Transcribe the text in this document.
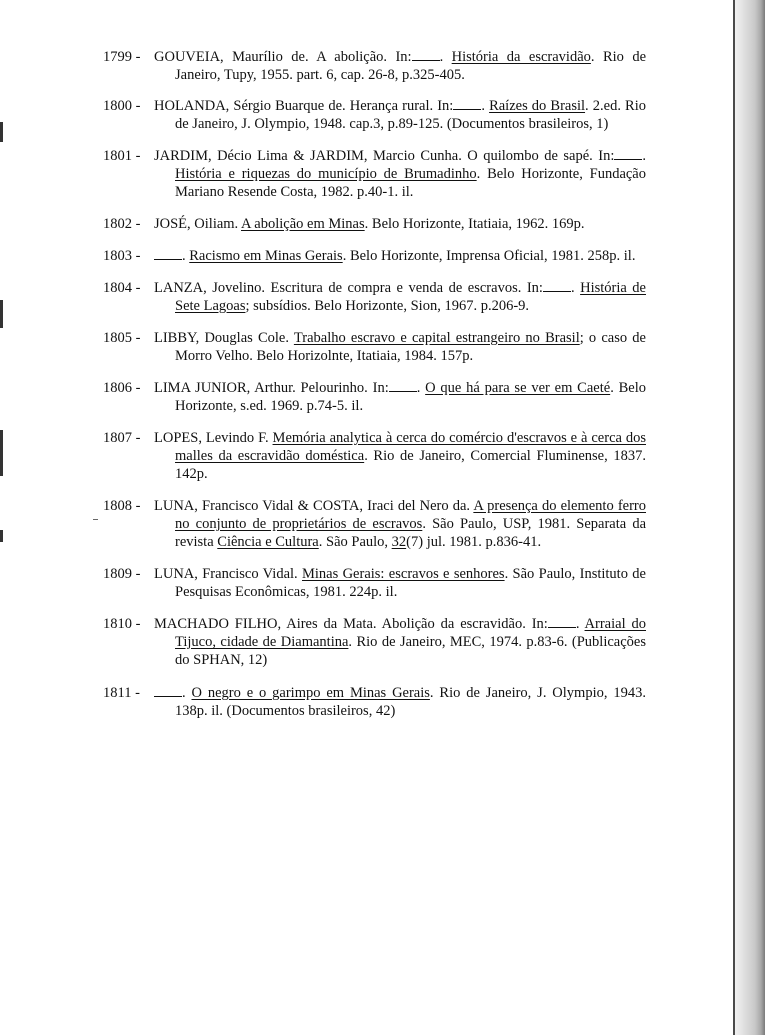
1799 - GOUVEIA, Maurílio de. A abolição. In: . História da escravidão. Rio de Janeiro, Tupy, 1955. part. 6, cap. 26-8, p.325-405.
1800 - HOLANDA, Sérgio Buarque de. Herança rural. In: . Raízes do Brasil. 2.ed. Rio de Janeiro, J. Olympio, 1948. cap.3, p.89-125. (Documentos brasileiros, 1)
1801 - JARDIM, Décio Lima & JARDIM, Marcio Cunha. O quilombo de sapé. In: . História e riquezas do município de Brumadinho. Belo Horizonte, Fundação Mariano Resende Costa, 1982. p.40-1. il.
1802 - JOSÉ, Oiliam. A abolição em Minas. Belo Horizonte, Itatiaia, 1962. 169p.
1803 -	. Racismo em Minas Gerais. Belo Horizonte, Imprensa Oficial, 1981. 258p. il.
1804 - LANZA, Jovelino. Escritura de compra e venda de escravos. In: . História de Sete Lagoas; subsídios. Belo Horizonte, Sion, 1967. p.206-9.
1805 - LIBBY, Douglas Cole. Trabalho escravo e capital estrangeiro no Brasil; o caso de Morro Velho. Belo Horizolnte, Itatiaia, 1984. 157p.
1806 - LIMA JUNIOR, Arthur. Pelourinho. In: . O que há para se ver em Caeté. Belo Horizonte, s.ed. 1969. p.74-5. il.
1807 - LOPES, Levindo F. Memória analytica à cerca do comércio d'escravos e à cerca dos malles da escravidão doméstica. Rio de Janeiro, Comercial Fluminense, 1837. 142p.
1808 - LUNA, Francisco Vidal & COSTA, Iraci del Nero da. A presença do elemento ferro no conjunto de proprietários de escravos. São Paulo, USP, 1981. Separata da revista Ciência e Cultura. São Paulo, 32(7) jul. 1981. p.836-41.
1809 - LUNA, Francisco Vidal. Minas Gerais: escravos e senhores. São Paulo, Instituto de Pesquisas Econômicas, 1981. 224p. il.
1810 - MACHADO FILHO, Aires da Mata. Abolição da escravidão. In: . Arraial do Tijuco, cidade de Diamantina. Rio de Janeiro, MEC, 1974. p.83-6. (Publicações do SPHAN, 12)
1811 -	. O negro e o garimpo em Minas Gerais. Rio de Janeiro, J. Olympio, 1943. 138p. il. (Documentos brasileiros, 42)
